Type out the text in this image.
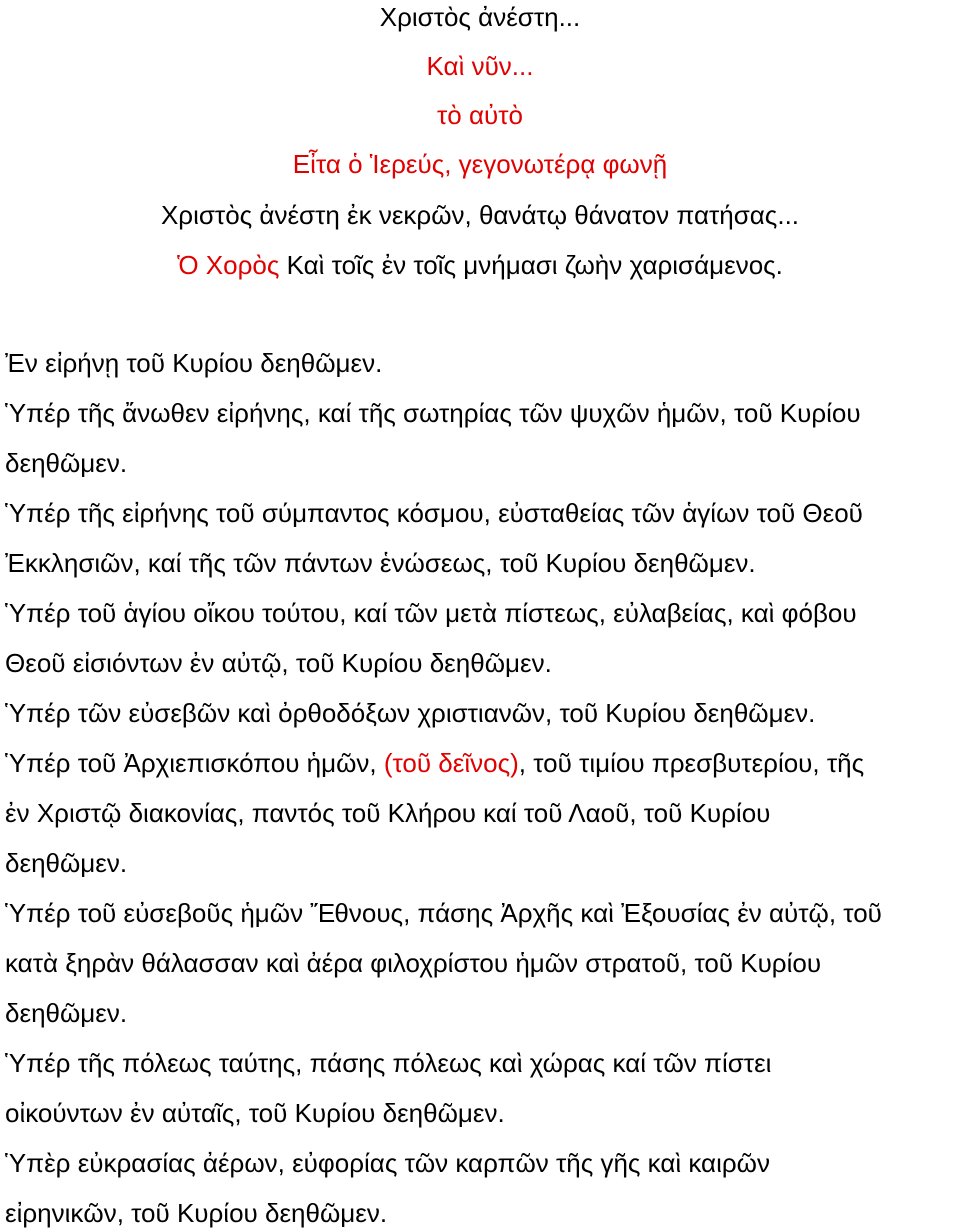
Χριστὸς ἀνέστη...
Καὶ νῦν...
τὸ αὐτὸ
Εἶτα ὁ Ἱερεύς, γεγονωτέρᾳ φωνῇ
Χριστὸς ἀνέστη ἐκ νεκρῶν, θανάτῳ θάνατον πατήσας...
Ὁ Χορὸς Καὶ τοῖς ἐν τοῖς μνήμασι ζωὴν χαρισάμενος.
Ἐν εἰρήνῃ τοῦ Κυρίου δεηθῶμεν.
Ὑπέρ τῆς ἄνωθεν εἰρήνης, καί τῆς σωτηρίας τῶν ψυχῶν ἡμῶν, τοῦ Κυρίου
δεηθῶμεν.
Ὑπέρ τῆς εἰρήνης τοῦ σύμπαντος κόσμου, εὐσταθείας τῶν ἁγίων τοῦ Θεοῦ
Ἐκκλησιῶν, καί τῆς τῶν πάντων ἑνώσεως, τοῦ Κυρίου δεηθῶμεν.
Ὑπέρ τοῦ ἁγίου οἴκου τούτου, καί τῶν μετὰ πίστεως, εὐλαβείας, καὶ φόβου
Θεοῦ εἰσιόντων ἐν αὐτῷ, τοῦ Κυρίου δεηθῶμεν.
Ὑπέρ τῶν εὐσεβῶν καὶ ὀρθοδόξων χριστιανῶν, τοῦ Κυρίου δεηθῶμεν.
Ὑπέρ τοῦ Ἀρχιεπισκόπου ἡμῶν, (τοῦ δεῖνος), τοῦ τιμίου πρεσβυτερίου, τῆς
ἐν Χριστῷ διακονίας, παντός τοῦ Κλήρου καί τοῦ Λαοῦ, τοῦ Κυρίου
δεηθῶμεν.
Ὑπέρ τοῦ εὐσεβοῦς ἡμῶν Ἔθνους, πάσης Ἀρχῆς καὶ Ἐξουσίας ἐν αὐτῷ, τοῦ
κατὰ ξηρὰν θάλασσαν καὶ ἀέρα φιλοχρίστου ἡμῶν στρατοῦ, τοῦ Κυρίου
δεηθῶμεν.
Ὑπέρ τῆς πόλεως ταύτης, πάσης πόλεως καὶ χώρας καί τῶν πίστει
οἰκούντων ἐν αὐταῖς, τοῦ Κυρίου δεηθῶμεν.
Ὑπὲρ εὐκρασίας ἀέρων, εὐφορίας τῶν καρπῶν τῆς γῆς καὶ καιρῶν
εἰρηνικῶν, τοῦ Κυρίου δεηθῶμεν.
